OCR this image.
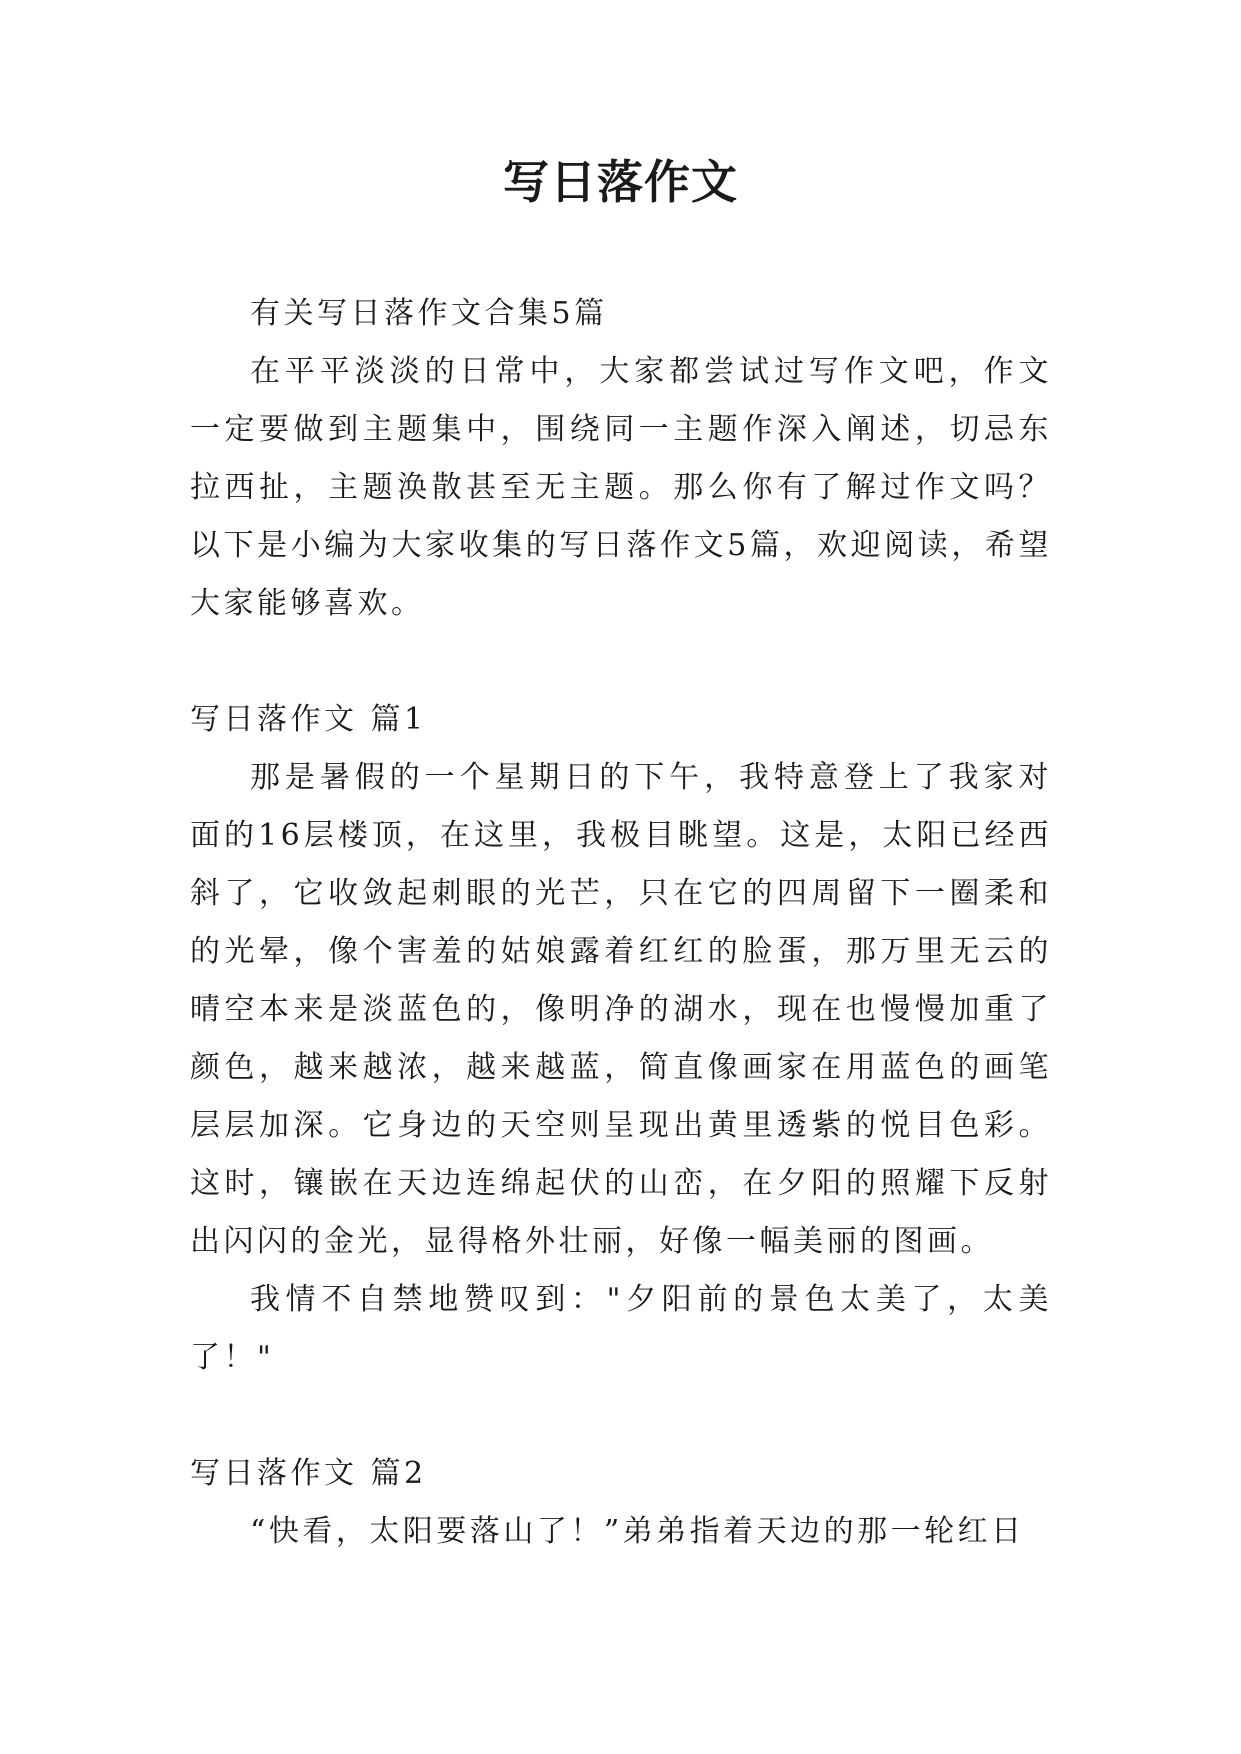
写日落作文

有关写日落作文合集5篇

在平平淡淡的日常中，大家都尝试过写作文吧，作文一定要做到主题集中，围绕同一主题作深入阐述，切忌东拉西扯，主题涣散甚至无主题。那么你有了解过作文吗？以下是小编为大家收集的写日落作文5篇，欢迎阅读，希望大家能够喜欢。

写日落作文 篇1

那是暑假的一个星期日的下午，我特意登上了我家对面的16层楼顶，在这里，我极目眺望。这是，太阳已经西斜了，它收敛起刺眼的光芒，只在它的四周留下一圈柔和的光晕，像个害羞的姑娘露着红红的脸蛋，那万里无云的晴空本来是淡蓝色的，像明净的湖水，现在也慢慢加重了颜色，越来越浓，越来越蓝，简直像画家在用蓝色的画笔层层加深。它身边的天空则呈现出黄里透紫的悦目色彩。这时，镶嵌在天边连绵起伏的山峦，在夕阳的照耀下反射出闪闪的金光，显得格外壮丽，好像一幅美丽的图画。

我情不自禁地赞叹到："夕阳前的景色太美了，太美了！"

写日落作文 篇2

“快看，太阳要落山了！”弟弟指着天边的那一轮红日
